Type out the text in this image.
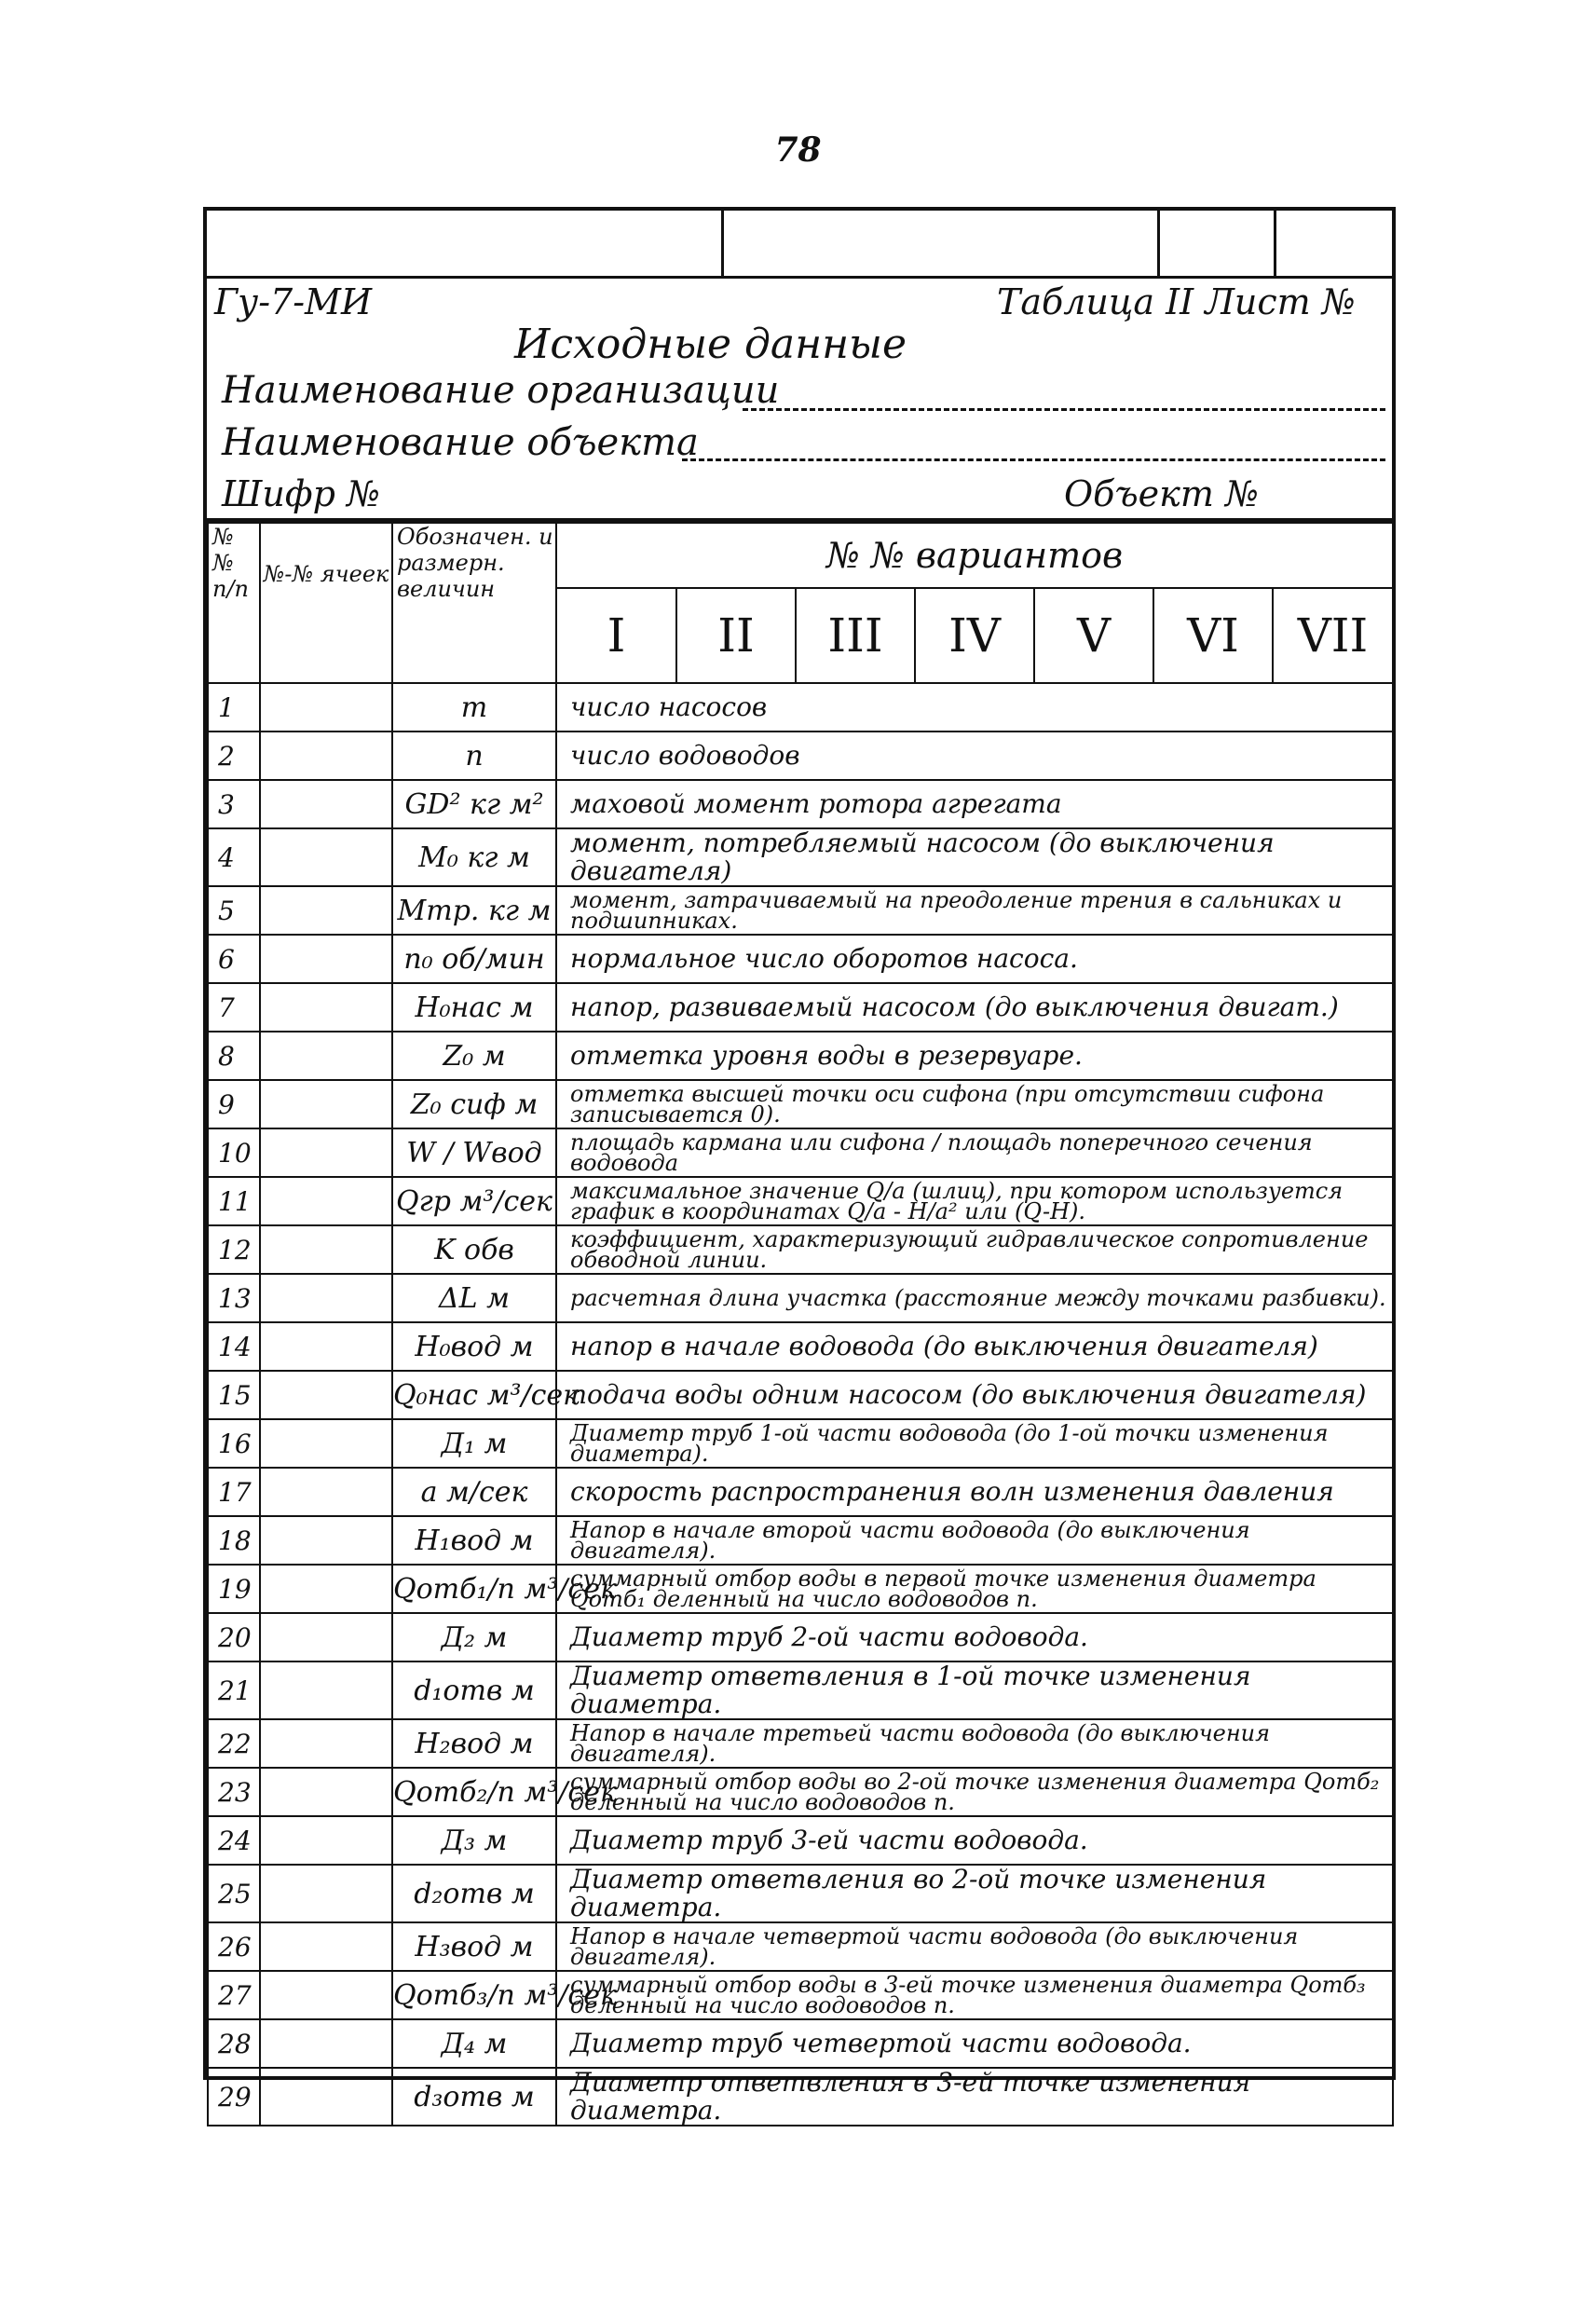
78
Гу-7-МИ	Таблица II Лист №
Исходные данные
Наименование организации
Наименование объекта
Шифр №	Объект №
№ № п/п	№-№ ячеек	Обозначен. и размерн. величин	№ № вариантов

I	II	III	IV	V	VI	VII

1		m	число насосов
2		n	число водоводов
3		GD² кг м²	маховой момент ротора агрегата
4		M₀ кг м	момент, потребляемый насосом (до выключения двигателя)
5		Mтр. кг м	момент, затрачиваемый на преодоление трения в сальниках и подшипниках.
6		n₀ об/мин	нормальное число оборотов насоса.
7		H₀нас м	напор, развиваемый насосом (до выключения двигат.)
8		Z₀ м	отметка уровня воды в резервуаре.
9		Z₀ сиф м	отметка высшей точки оси сифона (при отсутствии сифона записывается 0).
10		W / Wвод	площадь кармана или сифона / площадь поперечного сечения водовода
11		Qгр м³/сек	максимальное значение Q/a (шлиц), при котором используется график в координатах Q/a - H/a² или (Q-H).
12		K обв	коэффициент, характеризующий гидравлическое сопротивление обводной линии.
13		ΔL м	расчетная длина участка (расстояние между точками разбивки).
14		H₀вод м	напор в начале водовода (до выключения двигателя)
15		Q₀нас м³/сек	подача воды одним насосом (до выключения двигателя)
16		Д₁ м	Диаметр труб 1-ой части водовода (до 1-ой точки изменения диаметра).
17		a м/сек	скорость распространения волн изменения давления
18		H₁вод м	Напор в начале второй части водовода (до выключения двигателя).
19		Qотб₁/n м³/сек	суммарный отбор воды в первой точке изменения диаметра Qотб₁ деленный на число водоводов n.
20		Д₂ м	Диаметр труб 2-ой части водовода.
21		d₁отв м	Диаметр ответвления в 1-ой точке изменения диаметра.
22		H₂вод м	Напор в начале третьей части водовода (до выключения двигателя).
23		Qотб₂/n м³/сек	суммарный отбор воды во 2-ой точке изменения диаметра Qотб₂ деленный на число водоводов n.
24		Д₃ м	Диаметр труб 3-ей части водовода.
25		d₂отв м	Диаметр ответвления во 2-ой точке изменения диаметра.
26		H₃вод м	Напор в начале четвертой части водовода (до выключения двигателя).
27		Qотб₃/n м³/сек	суммарный отбор воды в 3-ей точке изменения диаметра Qотб₃ деленный на число водоводов n.
28		Д₄ м	Диаметр труб четвертой части водовода.
29		d₃отв м	Диаметр ответвления в 3-ей точке изменения диаметра.
